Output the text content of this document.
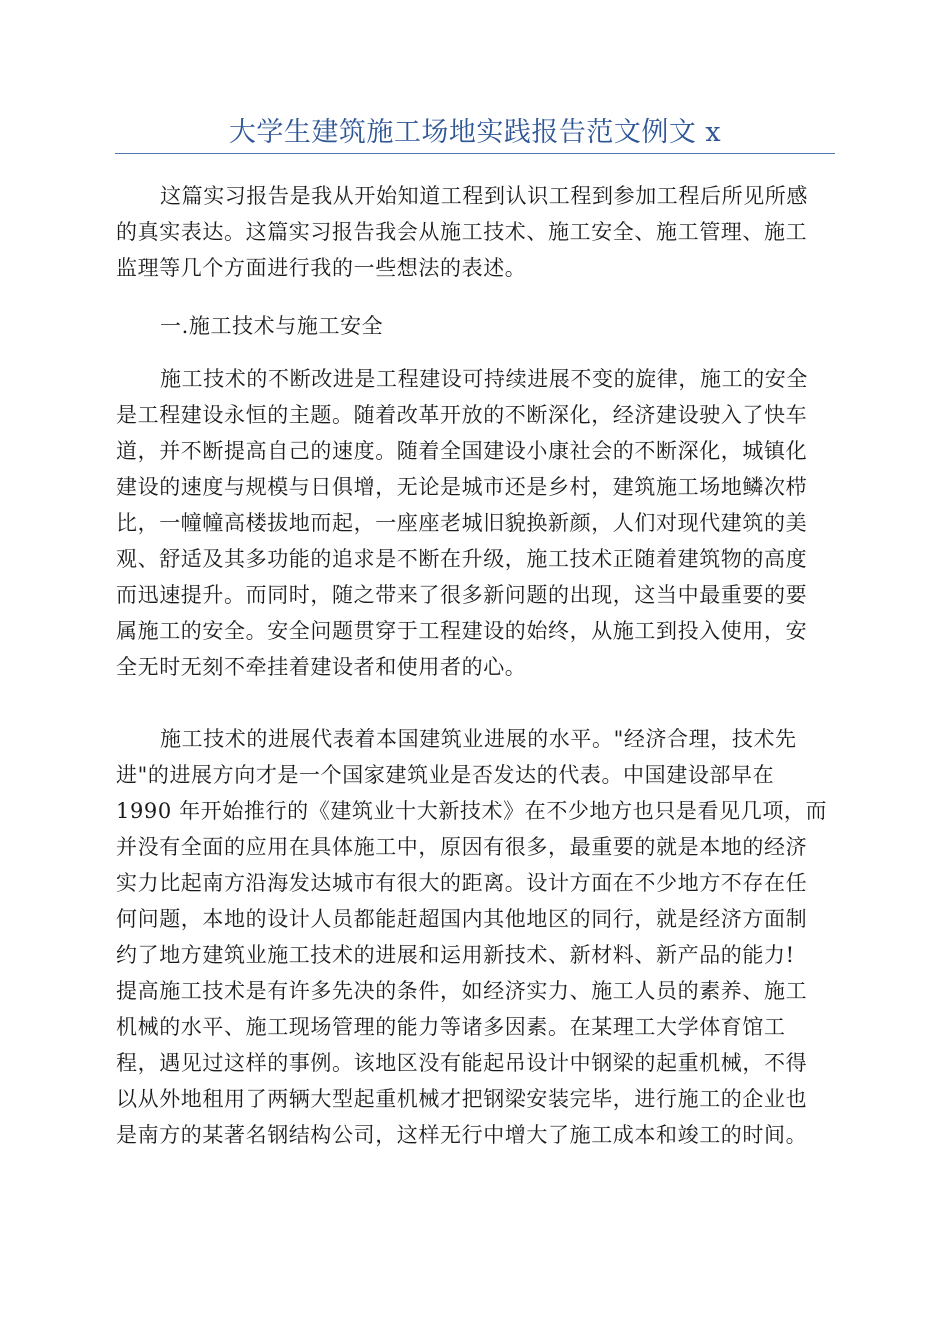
大学生建筑施工场地实践报告范文例文 x

这篇实习报告是我从开始知道工程到认识工程到参加工程后所见所感
的真实表达。这篇实习报告我会从施工技术、施工安全、施工管理、施工
监理等几个方面进行我的一些想法的表述。

一.施工技术与施工安全

施工技术的不断改进是工程建设可持续进展不变的旋律，施工的安全
是工程建设永恒的主题。随着改革开放的不断深化，经济建设驶入了快车
道，并不断提高自己的速度。随着全国建设小康社会的不断深化，城镇化
建设的速度与规模与日俱增，无论是城市还是乡村，建筑施工场地鳞次栉
比，一幢幢高楼拔地而起，一座座老城旧貌换新颜，人们对现代建筑的美
观、舒适及其多功能的追求是不断在升级，施工技术正随着建筑物的高度
而迅速提升。而同时，随之带来了很多新问题的出现，这当中最重要的要
属施工的安全。安全问题贯穿于工程建设的始终，从施工到投入使用，安
全无时无刻不牵挂着建设者和使用者的心。

施工技术的进展代表着本国建筑业进展的水平。"经济合理，技术先
进"的进展方向才是一个国家建筑业是否发达的代表。中国建设部早在
1990 年开始推行的《建筑业十大新技术》在不少地方也只是看见几项，而
并没有全面的应用在具体施工中，原因有很多，最重要的就是本地的经济
实力比起南方沿海发达城市有很大的距离。设计方面在不少地方不存在任
何问题，本地的设计人员都能赶超国内其他地区的同行，就是经济方面制
约了地方建筑业施工技术的进展和运用新技术、新材料、新产品的能力!
提高施工技术是有许多先决的条件，如经济实力、施工人员的素养、施工
机械的水平、施工现场管理的能力等诸多因素。在某理工大学体育馆工
程，遇见过这样的事例。该地区没有能起吊设计中钢梁的起重机械，不得
以从外地租用了两辆大型起重机械才把钢梁安装完毕，进行施工的企业也
是南方的某著名钢结构公司，这样无行中增大了施工成本和竣工的时间。
